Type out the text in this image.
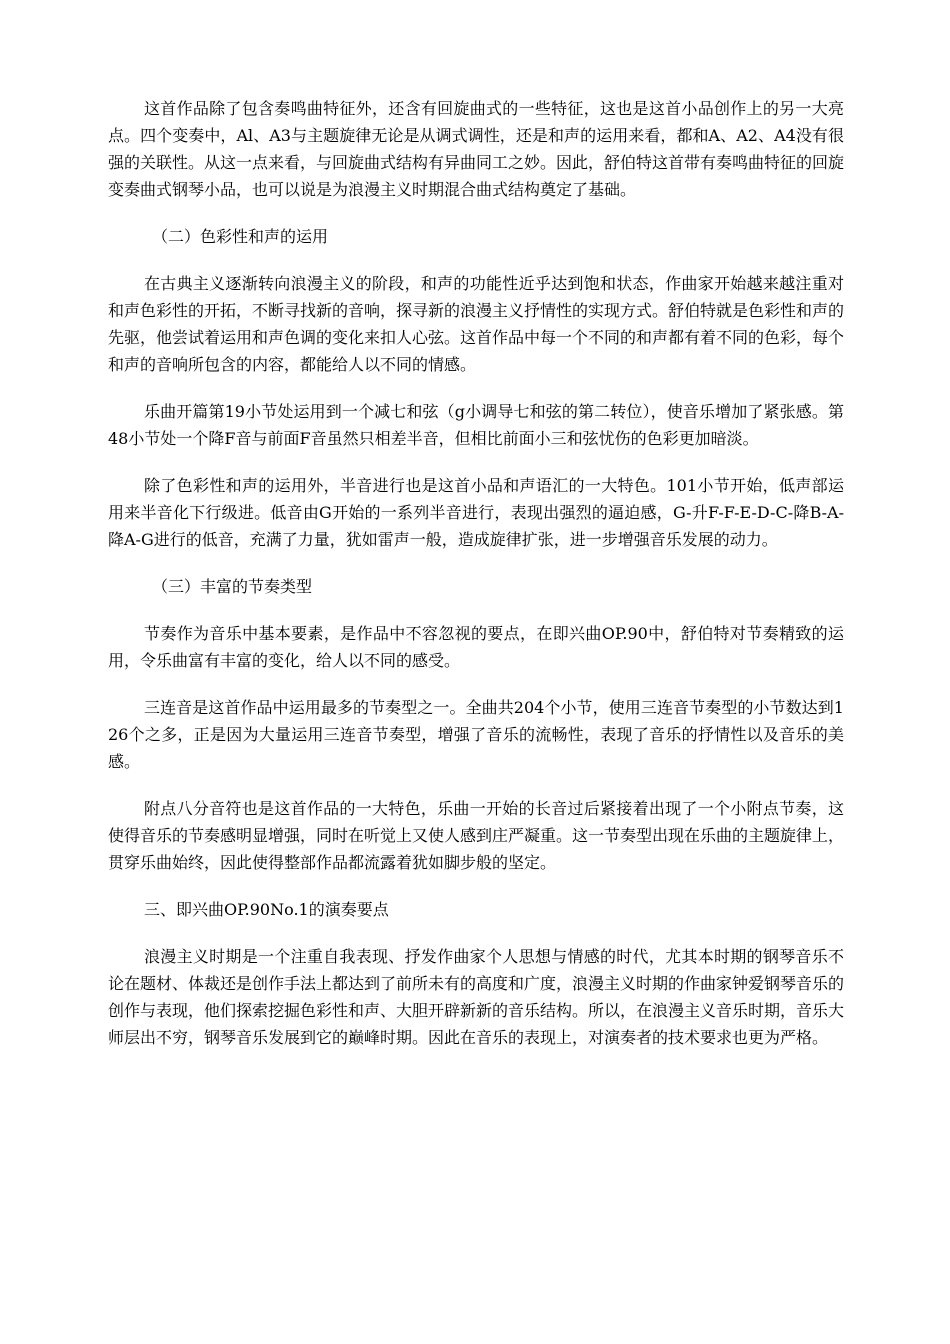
这首作品除了包含奏鸣曲特征外，还含有回旋曲式的一些特征，这也是这首小品创作上的另一大亮点。四个变奏中，Al、A3与主题旋律无论是从调式调性，还是和声的运用来看，都和A、A2、A4没有很强的关联性。从这一点来看，与回旋曲式结构有异曲同工之妙。因此，舒伯特这首带有奏鸣曲特征的回旋变奏曲式钢琴小品，也可以说是为浪漫主义时期混合曲式结构奠定了基础。

（二）色彩性和声的运用

在古典主义逐渐转向浪漫主义的阶段，和声的功能性近乎达到饱和状态，作曲家开始越来越注重对和声色彩性的开拓，不断寻找新的音响，探寻新的浪漫主义抒情性的实现方式。舒伯特就是色彩性和声的先驱，他尝试着运用和声色调的变化来扣人心弦。这首作品中每一个不同的和声都有着不同的色彩，每个和声的音响所包含的内容，都能给人以不同的情感。

乐曲开篇第19小节处运用到一个减七和弦（g小调导七和弦的第二转位），使音乐增加了紧张感。第48小节处一个降F音与前面F音虽然只相差半音，但相比前面小三和弦忧伤的色彩更加暗淡。

除了色彩性和声的运用外，半音进行也是这首小品和声语汇的一大特色。101小节开始，低声部运用来半音化下行级进。低音由G开始的一系列半音进行，表现出强烈的逼迫感，G-升F-F-E-D-C-降B-A-降A-G进行的低音，充满了力量，犹如雷声一般，造成旋律扩张，进一步增强音乐发展的动力。

（三）丰富的节奏类型

节奏作为音乐中基本要素，是作品中不容忽视的要点，在即兴曲OP.90中，舒伯特对节奏精致的运用，令乐曲富有丰富的变化，给人以不同的感受。

三连音是这首作品中运用最多的节奏型之一。全曲共204个小节，使用三连音节奏型的小节数达到126个之多，正是因为大量运用三连音节奏型，增强了音乐的流畅性，表现了音乐的抒情性以及音乐的美感。

附点八分音符也是这首作品的一大特色，乐曲一开始的长音过后紧接着出现了一个小附点节奏，这使得音乐的节奏感明显增强，同时在听觉上又使人感到庄严凝重。这一节奏型出现在乐曲的主题旋律上，贯穿乐曲始终，因此使得整部作品都流露着犹如脚步般的坚定。

三、即兴曲OP.90No.1的演奏要点

浪漫主义时期是一个注重自我表现、抒发作曲家个人思想与情感的时代，尤其本时期的钢琴音乐不论在题材、体裁还是创作手法上都达到了前所未有的高度和广度，浪漫主义时期的作曲家钟爱钢琴音乐的创作与表现，他们探索挖掘色彩性和声、大胆开辟新新的音乐结构。所以，在浪漫主义音乐时期，音乐大师层出不穷，钢琴音乐发展到它的巅峰时期。因此在音乐的表现上，对演奏者的技术要求也更为严格。
